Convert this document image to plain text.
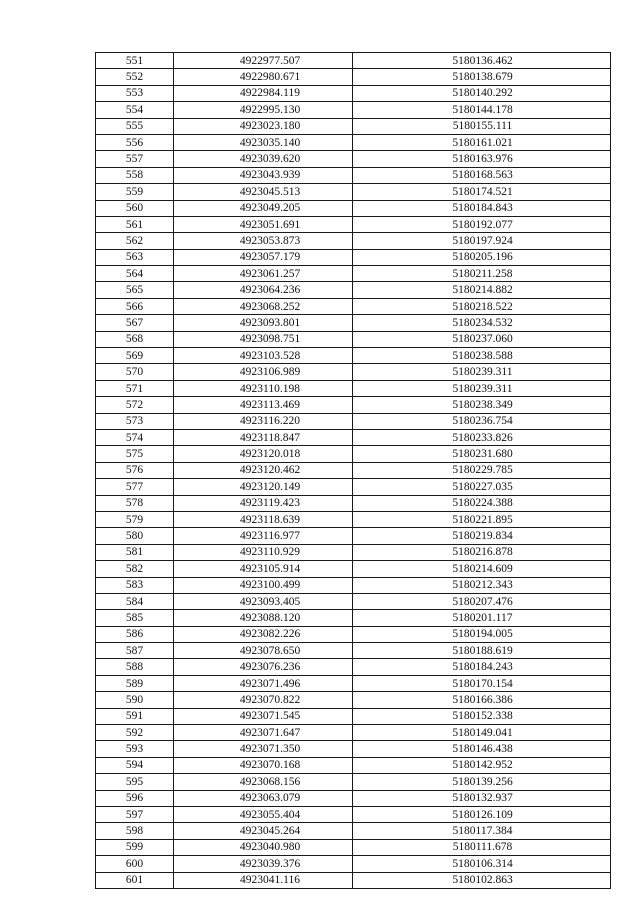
551	4922977.507	5180136.462
552	4922980.671	5180138.679
553	4922984.119	5180140.292
554	4922995.130	5180144.178
555	4923023.180	5180155.111
556	4923035.140	5180161.021
557	4923039.620	5180163.976
558	4923043.939	5180168.563
559	4923045.513	5180174.521
560	4923049.205	5180184.843
561	4923051.691	5180192.077
562	4923053.873	5180197.924
563	4923057.179	5180205.196
564	4923061.257	5180211.258
565	4923064.236	5180214.882
566	4923068.252	5180218.522
567	4923093.801	5180234.532
568	4923098.751	5180237.060
569	4923103.528	5180238.588
570	4923106.989	5180239.311
571	4923110.198	5180239.311
572	4923113.469	5180238.349
573	4923116.220	5180236.754
574	4923118.847	5180233.826
575	4923120.018	5180231.680
576	4923120.462	5180229.785
577	4923120.149	5180227.035
578	4923119.423	5180224.388
579	4923118.639	5180221.895
580	4923116.977	5180219.834
581	4923110.929	5180216.878
582	4923105.914	5180214.609
583	4923100.499	5180212.343
584	4923093.405	5180207.476
585	4923088.120	5180201.117
586	4923082.226	5180194.005
587	4923078.650	5180188.619
588	4923076.236	5180184.243
589	4923071.496	5180170.154
590	4923070.822	5180166.386
591	4923071.545	5180152.338
592	4923071.647	5180149.041
593	4923071.350	5180146.438
594	4923070.168	5180142.952
595	4923068.156	5180139.256
596	4923063.079	5180132.937
597	4923055.404	5180126.109
598	4923045.264	5180117.384
599	4923040.980	5180111.678
600	4923039.376	5180106.314
601	4923041.116	5180102.863
